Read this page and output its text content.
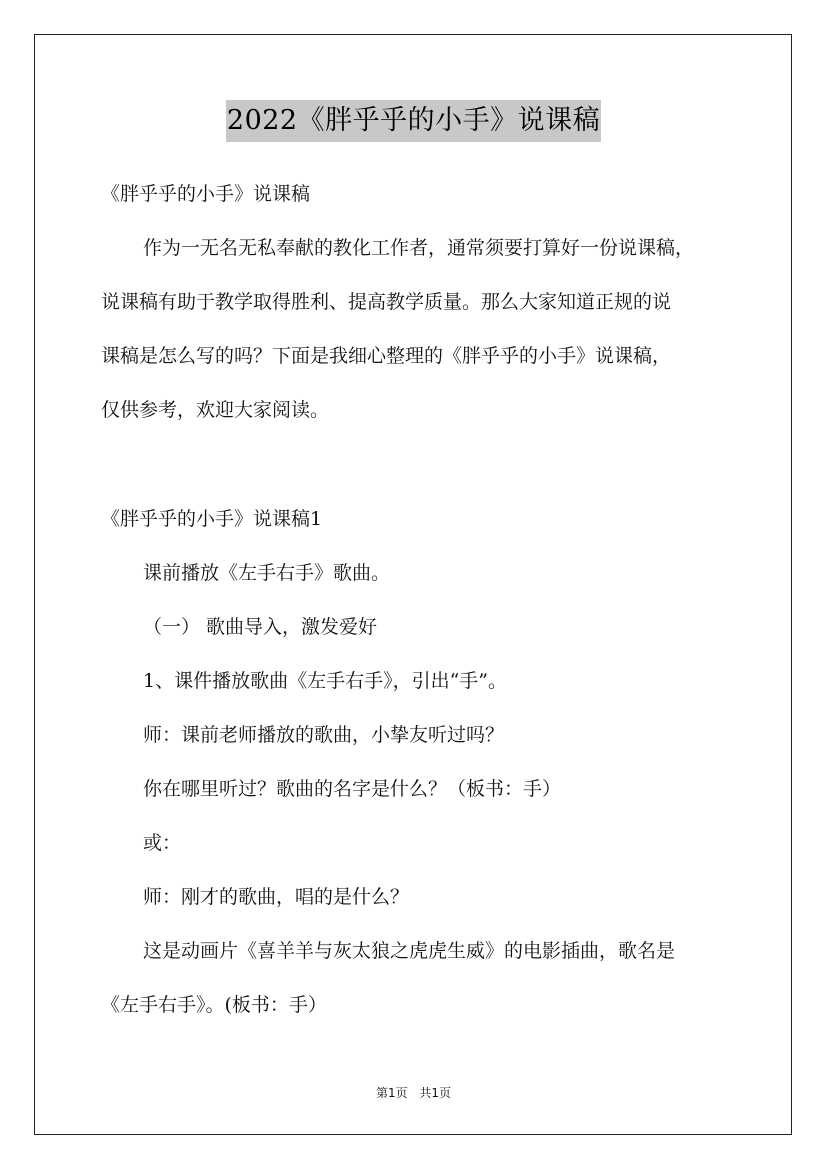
2022《胖乎乎的小手》说课稿
《胖乎乎的小手》说课稿
作为一无名无私奉献的教化工作者，通常须要打算好一份说课稿，
说课稿有助于教学取得胜利、提高教学质量。那么大家知道正规的说
课稿是怎么写的吗？下面是我细心整理的《胖乎乎的小手》说课稿，
仅供参考，欢迎大家阅读。
《胖乎乎的小手》说课稿1
课前播放《左手右手》歌曲。
（一） 歌曲导入，激发爱好
1、课件播放歌曲《左手右手》，引出“手”。
师：课前老师播放的歌曲，小挚友听过吗？
你在哪里听过？歌曲的名字是什么？（板书：手）
或：
师：刚才的歌曲，唱的是什么？
这是动画片《喜羊羊与灰太狼之虎虎生威》的电影插曲，歌名是
《左手右手》。(板书：手）
第1页 共1页
